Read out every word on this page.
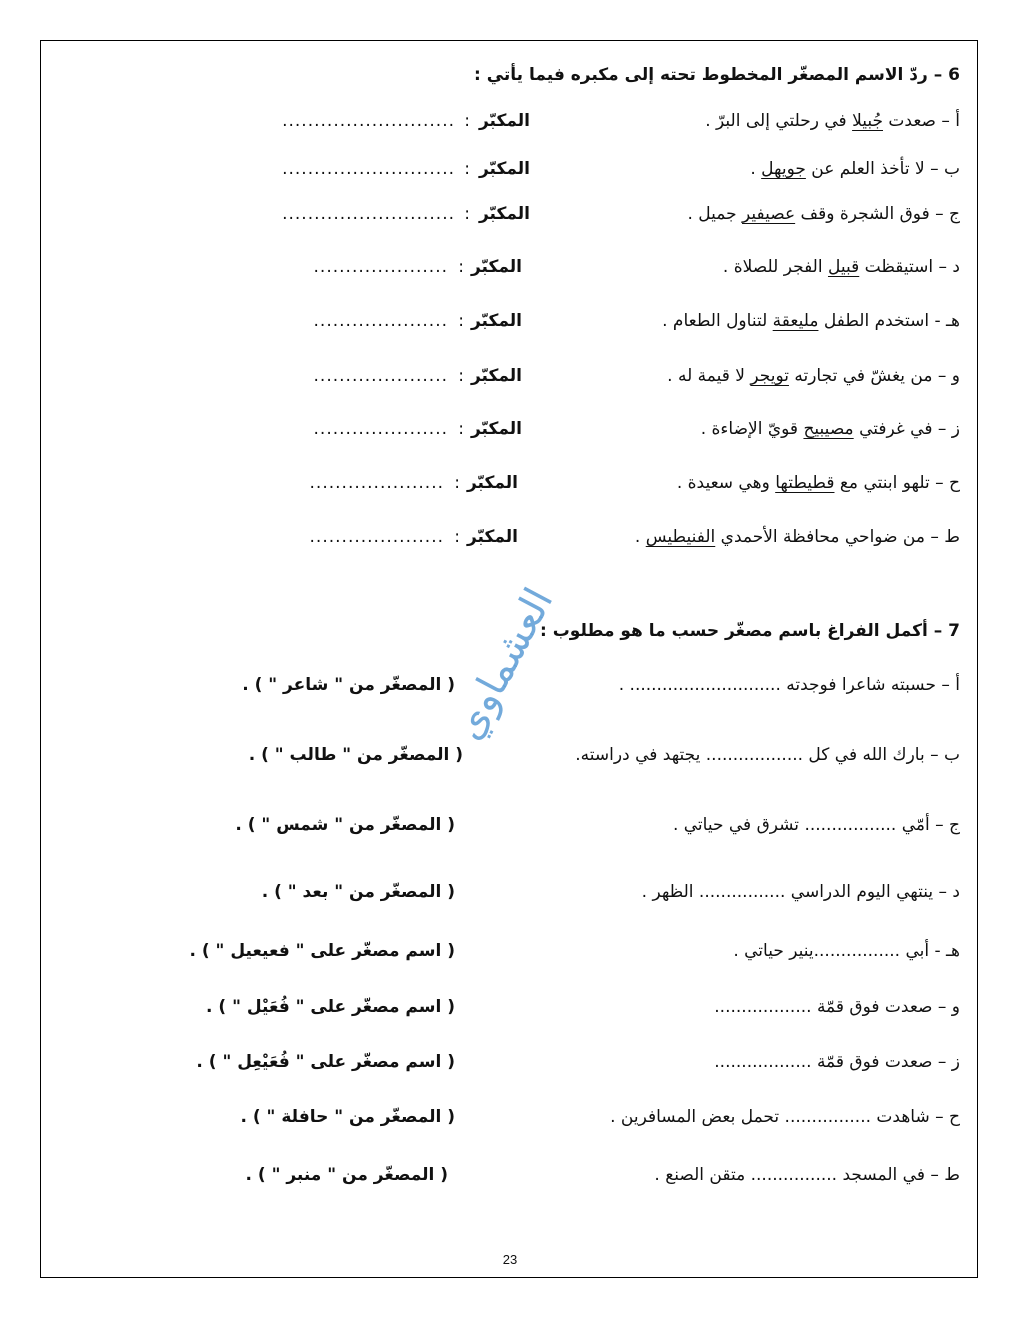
6 – ردّ الاسم المصغّر المخطوط تحته إلى مكبره فيما يأتي :
أ – صعدت جُبيلا في رحلتي إلى البرّ .
المكبّر
:
...........................
ب – لا تأخذ العلم عن جويهل .
المكبّر
:
...........................
ج – فوق الشجرة وقف عصيفير جميل .
المكبّر
:
...........................
د – استيقظت قبيل الفجر للصلاة .
المكبّر
:
.....................
هـ - استخدم الطفل مليعقة لتناول الطعام .
المكبّر
:
.....................
و – من يغشّ في تجارته تويجر لا قيمة له .
المكبّر
:
.....................
ز – في غرفتي مصيبيح قويّ الإضاءة .
المكبّر
:
.....................
ح – تلهو ابنتي مع قطيطتها وهي سعيدة .
المكبّر
:
.....................
ط – من ضواحي محافظة الأحمدي الفنيطيس .
المكبّر
:
.....................
7 – أكمل الفراغ باسم مصغّر حسب ما هو مطلوب :
أ – حسبته شاعرا فوجدته ............................ .
( المصغّر من " شاعر " ) .
ب – بارك الله في كل .................. يجتهد في دراسته.
( المصغّر من " طالب " ) .
ج – أمّي ................. تشرق في حياتي .
( المصغّر من " شمس " ) .
د – ينتهي اليوم الدراسي ................ الظهر .
( المصغّر من " بعد " ) .
هـ - أبي ................ينير حياتي .
( اسم مصغّر على " فعيعيل " ) .
و – صعدت فوق قمّة ..................
( اسم مصغّر على " فُعَيْل " ) .
ز – صعدت فوق قمّة ..................
( اسم مصغّر على " فُعَيْعِل " ) .
ح – شاهدت ................ تحمل بعض المسافرين .
( المصغّر من " حافلة " ) .
ط – في المسجد ................ متقن الصنع .
( المصغّر من " منبر " ) .
العشماوي
23
